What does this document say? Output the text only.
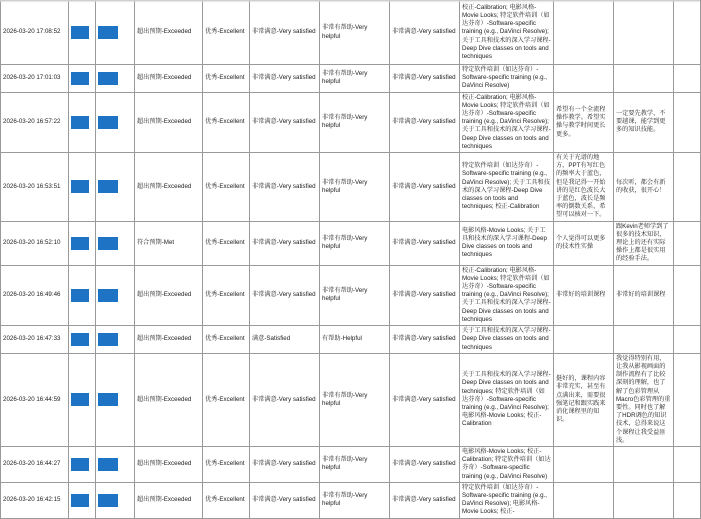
2026-03-20 17:08:52			超出预期-Exceeded	优秀-Excellent	非常满意-Very satisfied	非常有帮助-Very helpful	非常满意-Very satisfied	校正-Calibration; 电影风格-Movie Looks; 特定软件培训（如达芬奇）-Software-specific training (e.g., DaVinci Resolve); 关于工具和技术的深入学习课程-Deep Dive classes on tools and techniques			
2026-03-20 17:01:03			超出预期-Exceeded	优秀-Excellent	非常满意-Very satisfied	非常有帮助-Very helpful	非常满意-Very satisfied	特定软件培训（如达芬奇）-Software-specific training (e.g., DaVinci Resolve)			
2026-03-20 16:57:22			超出预期-Exceeded	优秀-Excellent	非常满意-Very satisfied	非常有帮助-Very helpful	非常满意-Very satisfied	校正-Calibration; 电影风格-Movie Looks; 特定软件培训（如达芬奇）-Software-specific training (e.g., DaVinci Resolve); 关于工具和技术的深入学习课程-Deep Dive classes on tools and techniques	希望有一个全流程操作教学。希望实操与教学时间更长更多。	一定要先教学，不要越课，能学到更多的知识技能。	
2026-03-20 16:53:51			超出预期-Exceeded	优秀-Excellent	非常满意-Very satisfied	非常有帮助-Very helpful	非常满意-Very satisfied	特定软件培训（如达芬奇）-Software-specific training (e.g., DaVinci Resolve); 关于工具和技术的深入学习课程-Deep Dive classes on tools and techniques; 校正-Calibration	有关于光谱的地方，PPT有写红色的频率大于蓝色，但是我记得一开始讲的是红色波长大于蓝色，波长是频率的倒数关系，希望可以核对一下。	每次听，都会有新的收获，很开心！	
2026-03-20 16:52:10			符合预期-Met	优秀-Excellent	非常满意-Very satisfied	非常有帮助-Very helpful	非常满意-Very satisfied	电影风格-Movie Looks; 关于工具和技术的深入学习课程-Deep Dive classes on tools and techniques	个人觉得可以更多的技术性实操	跟Kevin老师学到了很多的技术知识，理论上的还有实际操作上都是很实用的经验手法。	
2026-03-20 16:49:46			超出预期-Exceeded	优秀-Excellent	非常满意-Very satisfied	非常有帮助-Very helpful	非常满意-Very satisfied	校正-Calibration; 电影风格-Movie Looks; 特定软件培训（如达芬奇）-Software-specific training (e.g., DaVinci Resolve); 关于工具和技术的深入学习课程-Deep Dive classes on tools and techniques	非常好的培训课程	非常好的培训课程	
2026-03-20 16:47:33			超出预期-Exceeded	优秀-Excellent	满意-Satisfied	有帮助-Helpful	非常满意-Very satisfied	关于工具和技术的深入学习课程-Deep Dive classes on tools and techniques			
2026-03-20 16:44:59			超出预期-Exceeded	优秀-Excellent	非常满意-Very satisfied	非常有帮助-Very helpful	非常满意-Very satisfied	关于工具和技术的深入学习课程-Deep Dive classes on tools and techniques; 特定软件培训（如达芬奇）-Software-specific training (e.g., DaVinci Resolve); 电影风格-Movie Looks; 校正-Calibration	挺好的，课程内容非常充实，甚至有点满出来，需要很强笔记和跟实践来消化课程里的知识。	我觉得特别有用，让我从影视画面的制作流程有了比较深刻的理解，也了解了色彩管理从Macro色彩管理的重要性。同时也了解了HDR调色的知识技术，总得来说这个课程让我受益匪浅。	
2026-03-20 16:44:27			超出预期-Exceeded	优秀-Excellent	非常满意-Very satisfied	非常有帮助-Very helpful	非常满意-Very satisfied	电影风格-Movie Looks; 校正-Calibration; 特定软件培训（如达芬奇）-Software-specific training (e.g., DaVinci Resolve)			
2026-03-20 16:42:15			超出预期-Exceeded	优秀-Excellent	非常满意-Very satisfied	非常有帮助-Very helpful	非常满意-Very satisfied	特定软件培训（如达芬奇）-Software-specific training (e.g., DaVinci Resolve); 电影风格-Movie Looks; 校正-			
